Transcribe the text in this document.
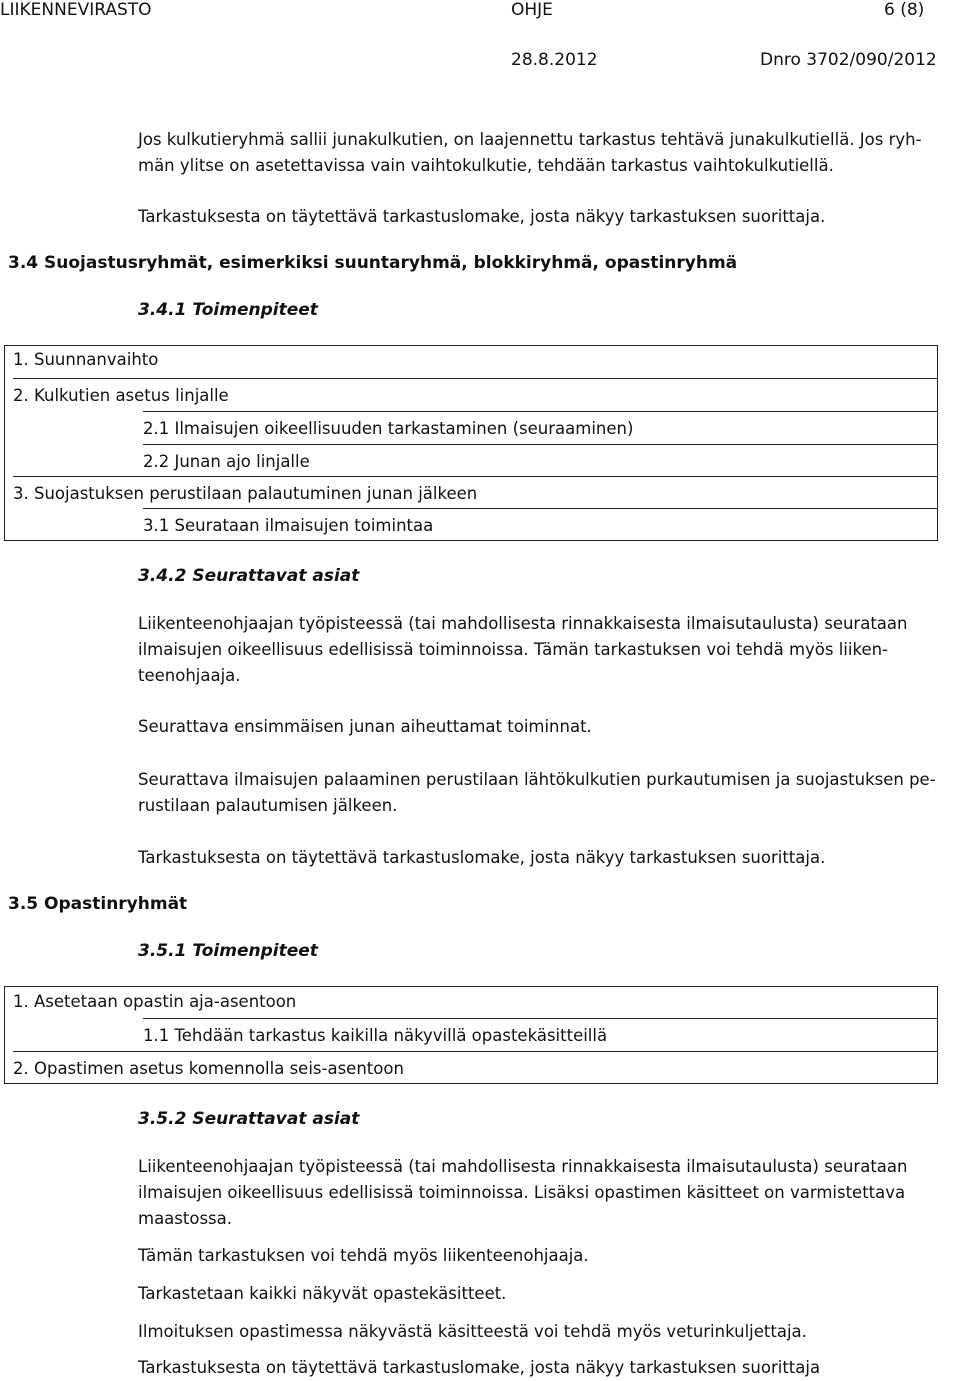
LIIKENNEVIRASTO	OHJE	6 (8)
28.8.2012	Dnro 3702/090/2012
Jos kulkutieryhmä sallii junakulkutien, on laajennettu tarkastus tehtävä junakulkutiellä. Jos ryh-
män ylitse on asetettavissa vain vaihtokulkutie, tehdään tarkastus vaihtokulkutiellä.
Tarkastuksesta on täytettävä tarkastuslomake, josta näkyy tarkastuksen suorittaja.
3.4 Suojastusryhmät, esimerkiksi suuntaryhmä, blokkiryhmä, opastinryhmä
3.4.1 Toimenpiteet
1. Suunnanvaihto
2. Kulkutien asetus linjalle
2.1 Ilmaisujen oikeellisuuden tarkastaminen (seuraaminen)
2.2 Junan ajo linjalle
3. Suojastuksen perustilaan palautuminen junan jälkeen
3.1 Seurataan ilmaisujen toimintaa
3.4.2 Seurattavat asiat
Liikenteenohjaajan työpisteessä (tai mahdollisesta rinnakkaisesta ilmaisutaulusta) seurataan
ilmaisujen oikeellisuus edellisissä toiminnoissa. Tämän tarkastuksen voi tehdä myös liiken-
teenohjaaja.
Seurattava ensimmäisen junan aiheuttamat toiminnat.
Seurattava ilmaisujen palaaminen perustilaan lähtökulkutien purkautumisen ja suojastuksen pe-
rustilaan palautumisen jälkeen.
Tarkastuksesta on täytettävä tarkastuslomake, josta näkyy tarkastuksen suorittaja.
3.5 Opastinryhmät
3.5.1 Toimenpiteet
1. Asetetaan opastin aja-asentoon
1.1 Tehdään tarkastus kaikilla näkyvillä opastekäsitteillä
2. Opastimen asetus komennolla seis-asentoon
3.5.2 Seurattavat asiat
Liikenteenohjaajan työpisteessä (tai mahdollisesta rinnakkaisesta ilmaisutaulusta) seurataan
ilmaisujen oikeellisuus edellisissä toiminnoissa. Lisäksi opastimen käsitteet on varmistettava
maastossa.
Tämän tarkastuksen voi tehdä myös liikenteenohjaaja.
Tarkastetaan kaikki näkyvät opastekäsitteet.
Ilmoituksen opastimessa näkyvästä käsitteestä voi tehdä myös veturinkuljettaja.
Tarkastuksesta on täytettävä tarkastuslomake, josta näkyy tarkastuksen suorittaja
